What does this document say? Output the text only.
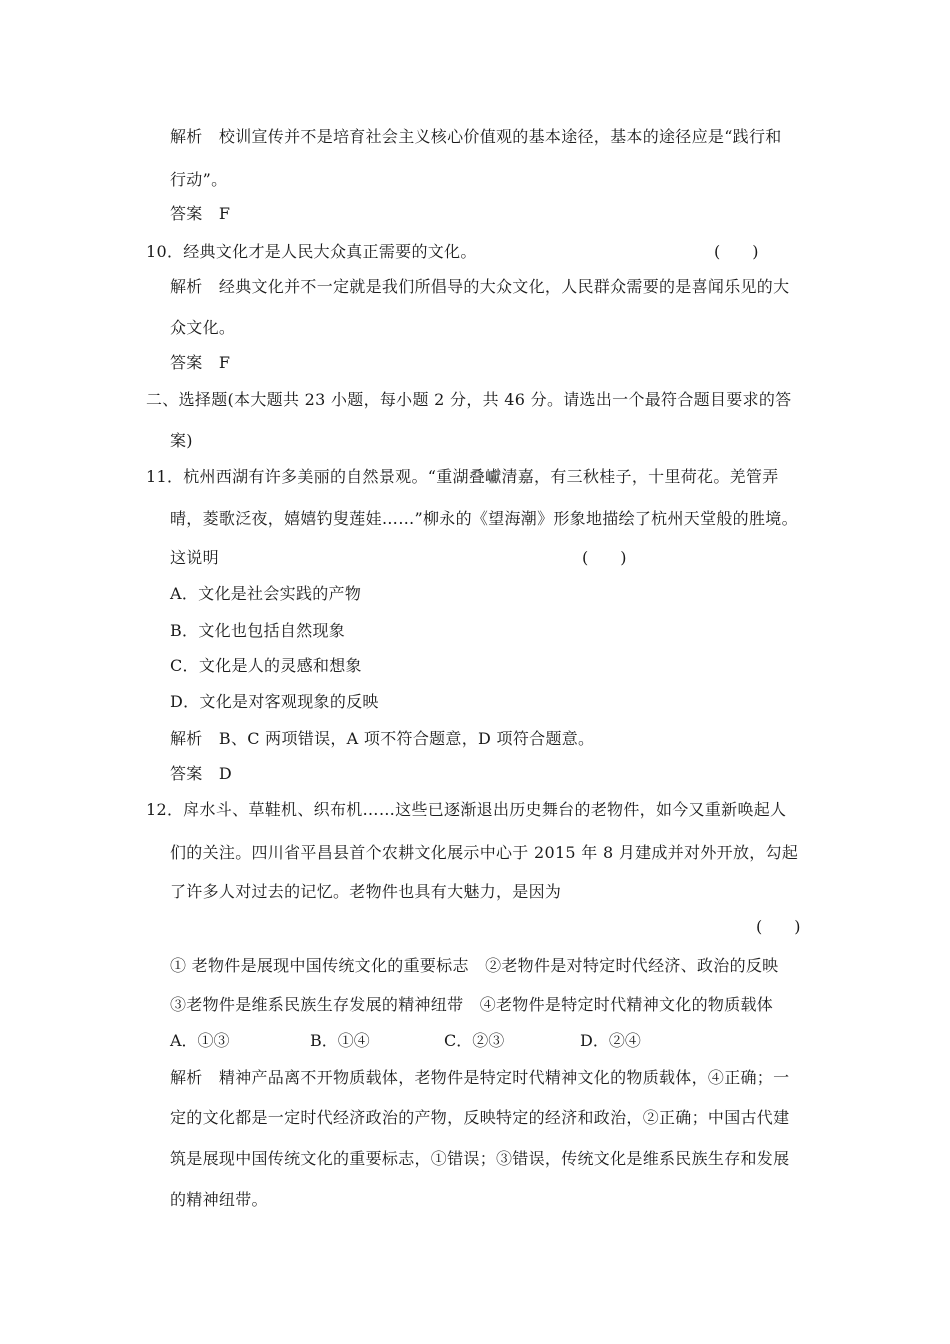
解析　校训宣传并不是培育社会主义核心价值观的基本途径，基本的途径应是“践行和
行动”。
答案　F
10．经典文化才是人民大众真正需要的文化。	(　　)
解析　经典文化并不一定就是我们所倡导的大众文化，人民群众需要的是喜闻乐见的大
众文化。
答案　F
二、选择题(本大题共 23 小题，每小题 2 分，共 46 分。请选出一个最符合题目要求的答
案)
11．杭州西湖有许多美丽的自然景观。“重湖叠巘清嘉，有三秋桂子，十里荷花。羌管弄
晴，菱歌泛夜，嬉嬉钓叟莲娃……”柳永的《望海潮》形象地描绘了杭州天堂般的胜境。
这说明	(　　)
A．文化是社会实践的产物
B．文化也包括自然现象
C．文化是人的灵感和想象
D．文化是对客观现象的反映
解析　B、C 两项错误，A 项不符合题意，D 项符合题意。
答案　D
12．戽水斗、草鞋机、织布机……这些已逐渐退出历史舞台的老物件，如今又重新唤起人
们的关注。四川省平昌县首个农耕文化展示中心于 2015 年 8 月建成并对外开放，勾起
了许多人对过去的记忆。老物件也具有大魅力，是因为
(　　)
① 老物件是展现中国传统文化的重要标志　②老物件是对特定时代经济、政治的反映
③老物件是维系民族生存发展的精神纽带　④老物件是特定时代精神文化的物质载体
A．①③	B．①④	C．②③	D．②④
解析　精神产品离不开物质载体，老物件是特定时代精神文化的物质载体，④正确；一
定的文化都是一定时代经济政治的产物，反映特定的经济和政治，②正确；中国古代建
筑是展现中国传统文化的重要标志，①错误；③错误，传统文化是维系民族生存和发展
的精神纽带。
